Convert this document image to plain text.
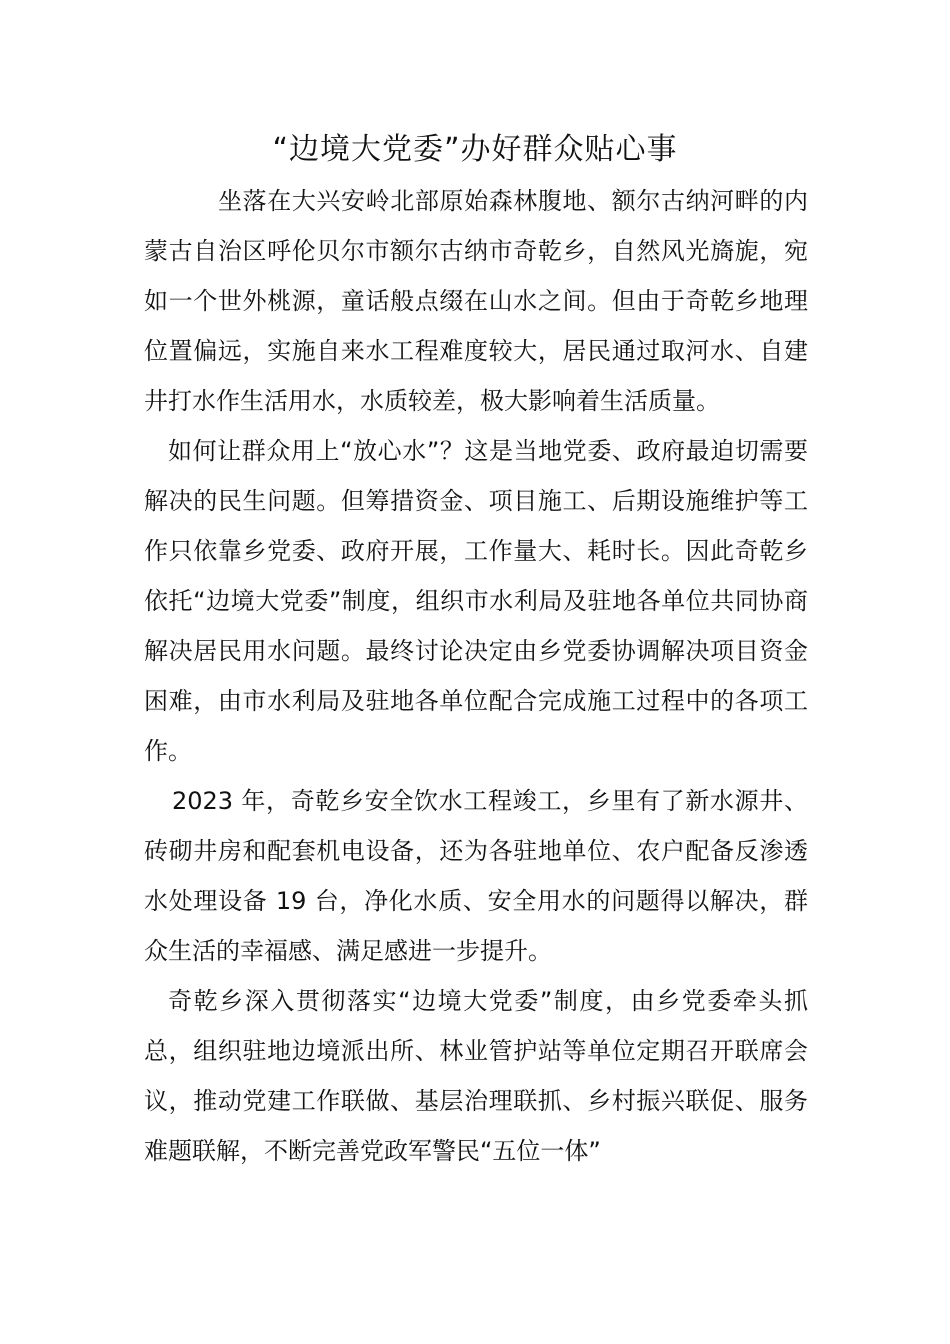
“边境大党委”办好群众贴心事

坐落在大兴安岭北部原始森林腹地、额尔古纳河畔的内蒙古自治区呼伦贝尔市额尔古纳市奇乾乡，自然风光旖旎，宛如一个世外桃源，童话般点缀在山水之间。但由于奇乾乡地理位置偏远，实施自来水工程难度较大，居民通过取河水、自建井打水作生活用水，水质较差，极大影响着生活质量。

如何让群众用上“放心水”？这是当地党委、政府最迫切需要解决的民生问题。但筹措资金、项目施工、后期设施维护等工作只依靠乡党委、政府开展，工作量大、耗时长。因此奇乾乡依托“边境大党委”制度，组织市水利局及驻地各单位共同协商解决居民用水问题。最终讨论决定由乡党委协调解决项目资金困难，由市水利局及驻地各单位配合完成施工过程中的各项工作。

2023 年，奇乾乡安全饮水工程竣工，乡里有了新水源井、砖砌井房和配套机电设备，还为各驻地单位、农户配备反渗透水处理设备 19 台，净化水质、安全用水的问题得以解决，群众生活的幸福感、满足感进一步提升。

奇乾乡深入贯彻落实“边境大党委”制度，由乡党委牵头抓总，组织驻地边境派出所、林业管护站等单位定期召开联席会议，推动党建工作联做、基层治理联抓、乡村振兴联促、服务难题联解，不断完善党政军警民“五位一体”
